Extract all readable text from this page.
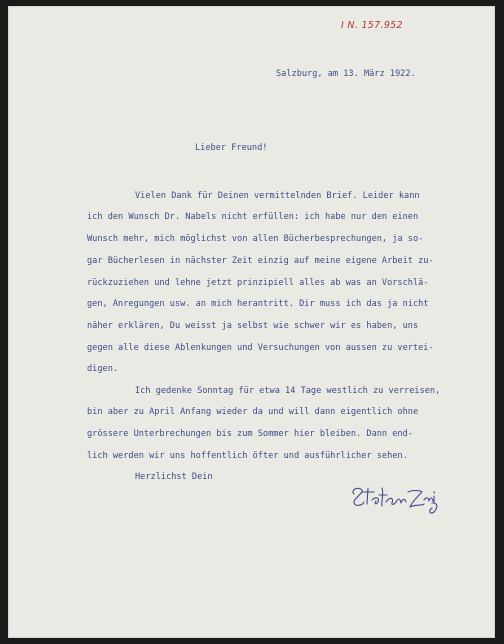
I N. 157.952
Salzburg, am 13. März 1922.
Lieber Freund!
Vielen Dank für Deinen vermittelnden Brief. Leider kann
ich den Wunsch Dr. Nabels nicht erfüllen: ich habe nur den einen
Wunsch mehr, mich möglichst von allen Bücherbesprechungen, ja so-
gar Bücherlesen in nächster Zeit einzig auf meine eigene Arbeit zu-
rückzuziehen und lehne jetzt prinzipiell alles ab was an Vorschlä-
gen, Anregungen usw. an mich herantritt. Dir muss ich das ja nicht
näher erklären, Du weisst ja selbst wie schwer wir es haben, uns
gegen alle diese Ablenkungen und Versuchungen von aussen zu vertei-
digen.
Ich gedenke Sonntag für etwa 14 Tage westlich zu verreisen,
bin aber zu April Anfang wieder da und will dann eigentlich ohne
grössere Unterbrechungen bis zum Sommer hier bleiben. Dann end-
lich werden wir uns hoffentlich öfter und ausführlicher sehen.
Herzlichst Dein
